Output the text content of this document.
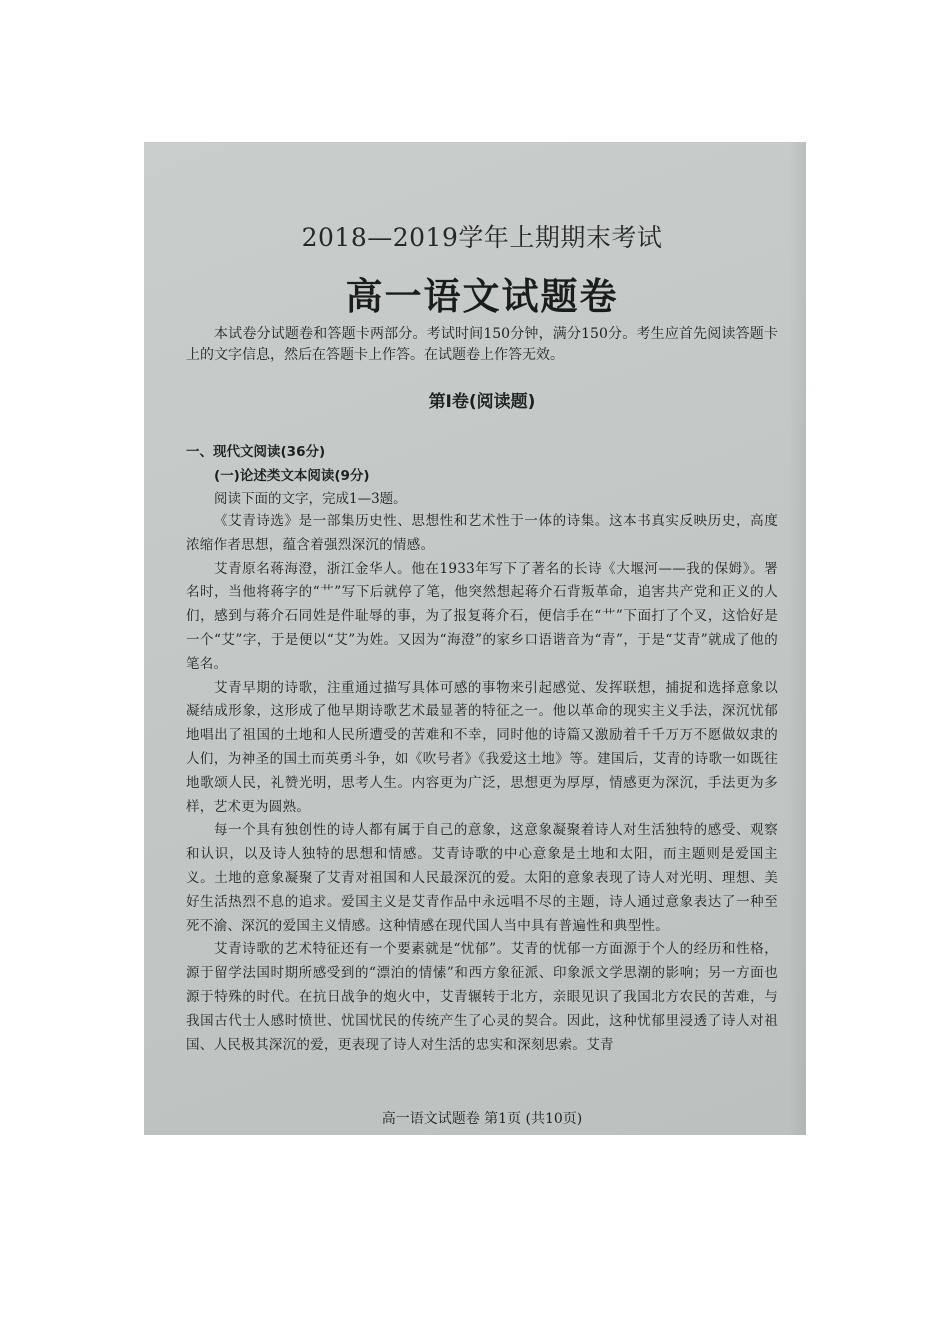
2018—2019学年上期期末考试
高一语文试题卷
本试卷分试题卷和答题卡两部分。考试时间150分钟，满分150分。考生应首先阅读答题卡上的文字信息，然后在答题卡上作答。在试题卷上作答无效。
第Ⅰ卷(阅读题)
一、现代文阅读(36分)
(一)论述类文本阅读(9分)
阅读下面的文字，完成1—3题。

《艾青诗选》是一部集历史性、思想性和艺术性于一体的诗集。这本书真实反映历史，高度浓缩作者思想，蕴含着强烈深沉的情感。

艾青原名蒋海澄，浙江金华人。他在1933年写下了著名的长诗《大堰河——我的保姆》。署名时，当他将蒋字的“艹”写下后就停了笔，他突然想起蒋介石背叛革命，追害共产党和正义的人们，感到与蒋介石同姓是件耻辱的事，为了报复蒋介石，便信手在“艹”下面打了个叉，这恰好是一个“艾”字，于是便以“艾”为姓。又因为“海澄”的家乡口语谐音为“青”，于是“艾青”就成了他的笔名。

艾青早期的诗歌，注重通过描写具体可感的事物来引起感觉、发挥联想，捕捉和选择意象以凝结成形象，这形成了他早期诗歌艺术最显著的特征之一。他以革命的现实主义手法，深沉忧郁地唱出了祖国的土地和人民所遭受的苦难和不幸，同时他的诗篇又激励着千千万万不愿做奴隶的人们，为神圣的国土而英勇斗争，如《吹号者》《我爱这土地》等。建国后，艾青的诗歌一如既往地歌颂人民，礼赞光明，思考人生。内容更为广泛，思想更为厚厚，情感更为深沉，手法更为多样，艺术更为圆熟。

每一个具有独创性的诗人都有属于自己的意象，这意象凝聚着诗人对生活独特的感受、观察和认识，以及诗人独特的思想和情感。艾青诗歌的中心意象是土地和太阳，而主题则是爱国主义。土地的意象凝聚了艾青对祖国和人民最深沉的爱。太阳的意象表现了诗人对光明、理想、美好生活热烈不息的追求。爱国主义是艾青作品中永远唱不尽的主题，诗人通过意象表达了一种至死不渝、深沉的爱国主义情感。这种情感在现代国人当中具有普遍性和典型性。

艾青诗歌的艺术特征还有一个要素就是“忧郁”。艾青的忧郁一方面源于个人的经历和性格，源于留学法国时期所感受到的“漂泊的情愫”和西方象征派、印象派文学思潮的影响；另一方面也源于特殊的时代。在抗日战争的炮火中，艾青辗转于北方，亲眼见识了我国北方农民的苦难，与我国古代士人感时愤世、忧国忧民的传统产生了心灵的契合。因此，这种忧郁里浸透了诗人对祖国、人民极其深沉的爱，更表现了诗人对生活的忠实和深刻思索。艾青

高一语文试题卷 第1页 (共10页)
